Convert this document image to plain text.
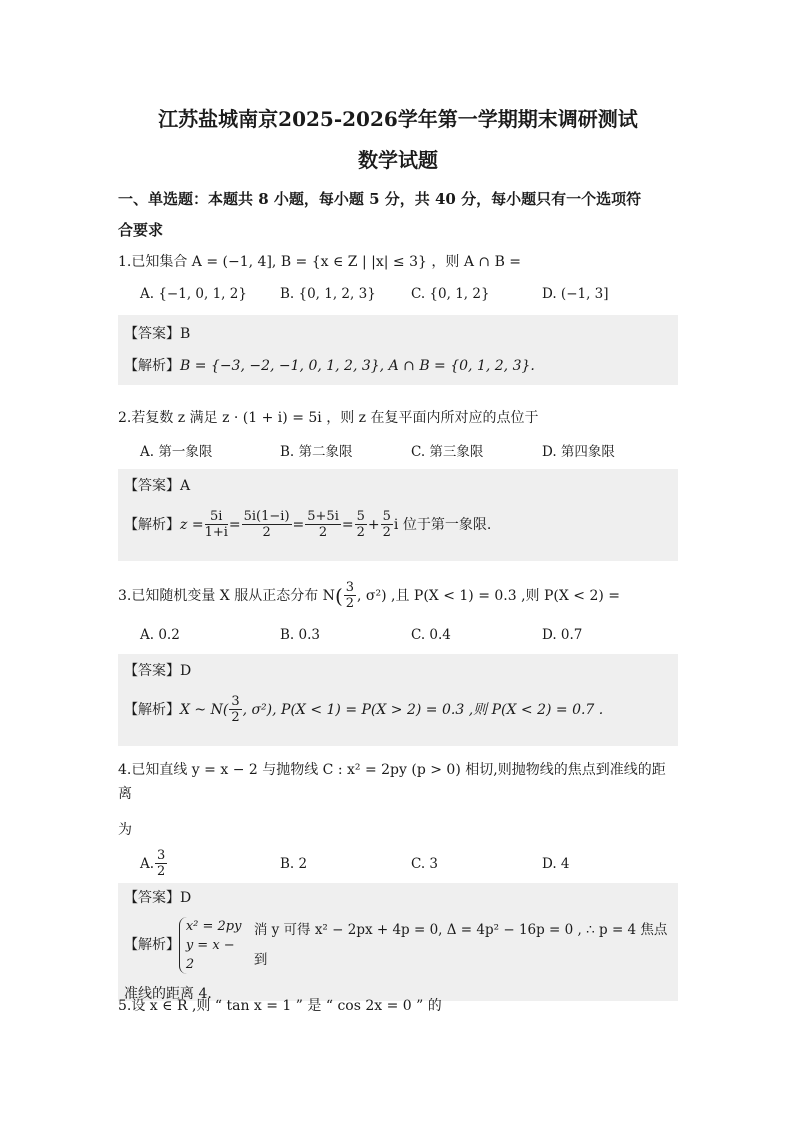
江苏盐城南京2025-2026学年第一学期期末调研测试
数学试题
一、单选题：本题共 8 小题，每小题 5 分，共 40 分，每小题只有一个选项符
合要求
1.已知集合 A = (−1, 4], B = {x ∈ Z | |x| ≤ 3} ，则 A ∩ B =
A. {−1, 0, 1, 2}	B. {0, 1, 2, 3}	C. {0, 1, 2}	D. (−1, 3]
【答案】B
【解析】B = {−3, −2, −1, 0, 1, 2, 3}, A ∩ B = {0, 1, 2, 3}.
2.若复数 z 满足 z · (1 + i) = 5i ，则 z 在复平面内所对应的点位于
A. 第一象限	B. 第二象限	C. 第三象限	D. 第四象限
【答案】A
【解析】 $z = \frac{5i}{1+i} = \frac{5i(1-i)}{2} = \frac{5+5i}{2} = \frac{5}{2} + \frac{5}{2}$ i 位于第一象限.
3.已知随机变量 X 服从正态分布 N ( $\frac{3}{2}$ , σ²) ,且 P(X < 1) = 0.3 ,则 P(X < 2) =
A. 0.2	B. 0.3	C. 0.4	D. 0.7
【答案】D
【解析】 X ~ $N( \frac{3}{2}$ , σ²), P(X < 1) = P(X > 2) = 0.3 ,则 P(X < 2) = 0.7 .
4.已知直线 y = x − 2 与抛物线 C : x² = 2py (p > 0) 相切,则抛物线的焦点到准线的距离
为
A. $\frac{3}{2}$	B. 2	C. 3	D. 4
【答案】D
【解析】
x² = 2py
y = x − 2
消 y 可得 x² − 2px + 4p = 0, Δ = 4p² − 16p = 0 , ∴ p = 4 焦点到
准线的距离 4.
5.设 x ∈ R ,则 “ tan x = 1 ” 是 “ cos 2x = 0 ” 的
